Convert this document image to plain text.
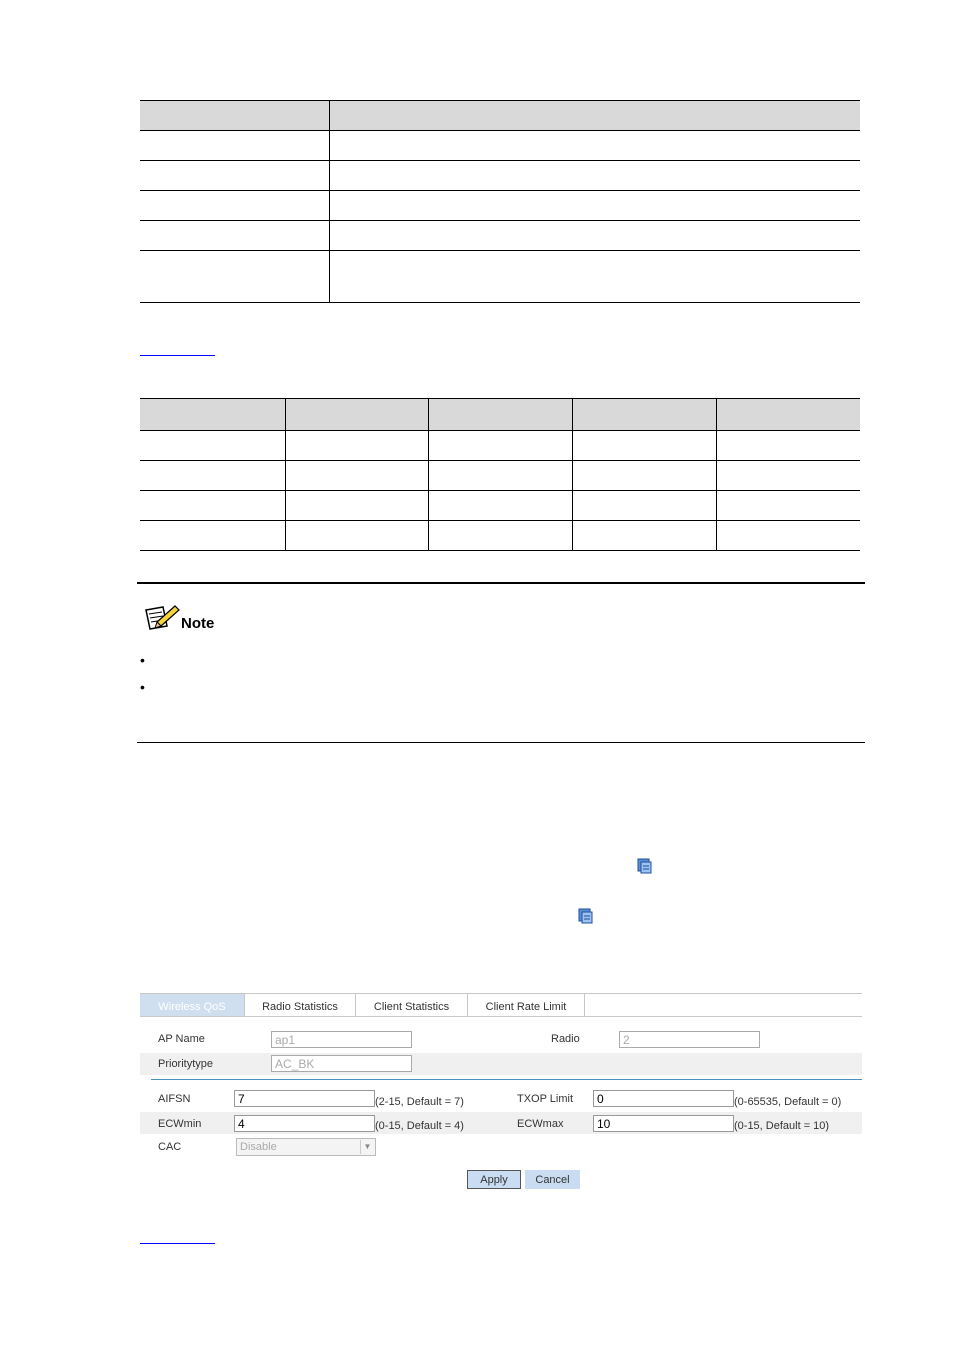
Note
•
•
Wireless QoS	Radio Statistics	Client Statistics	Client Rate Limit
AP Name	ap1	Radio	2
Prioritytype	AC_BK
AIFSN	7	(2-15, Default = 7)	TXOP Limit	0	(0-65535, Default = 0)
ECWmin	4	(0-15, Default = 4)	ECWmax	10	(0-15, Default = 10)
CAC	Disable	▼
Apply	Cancel
